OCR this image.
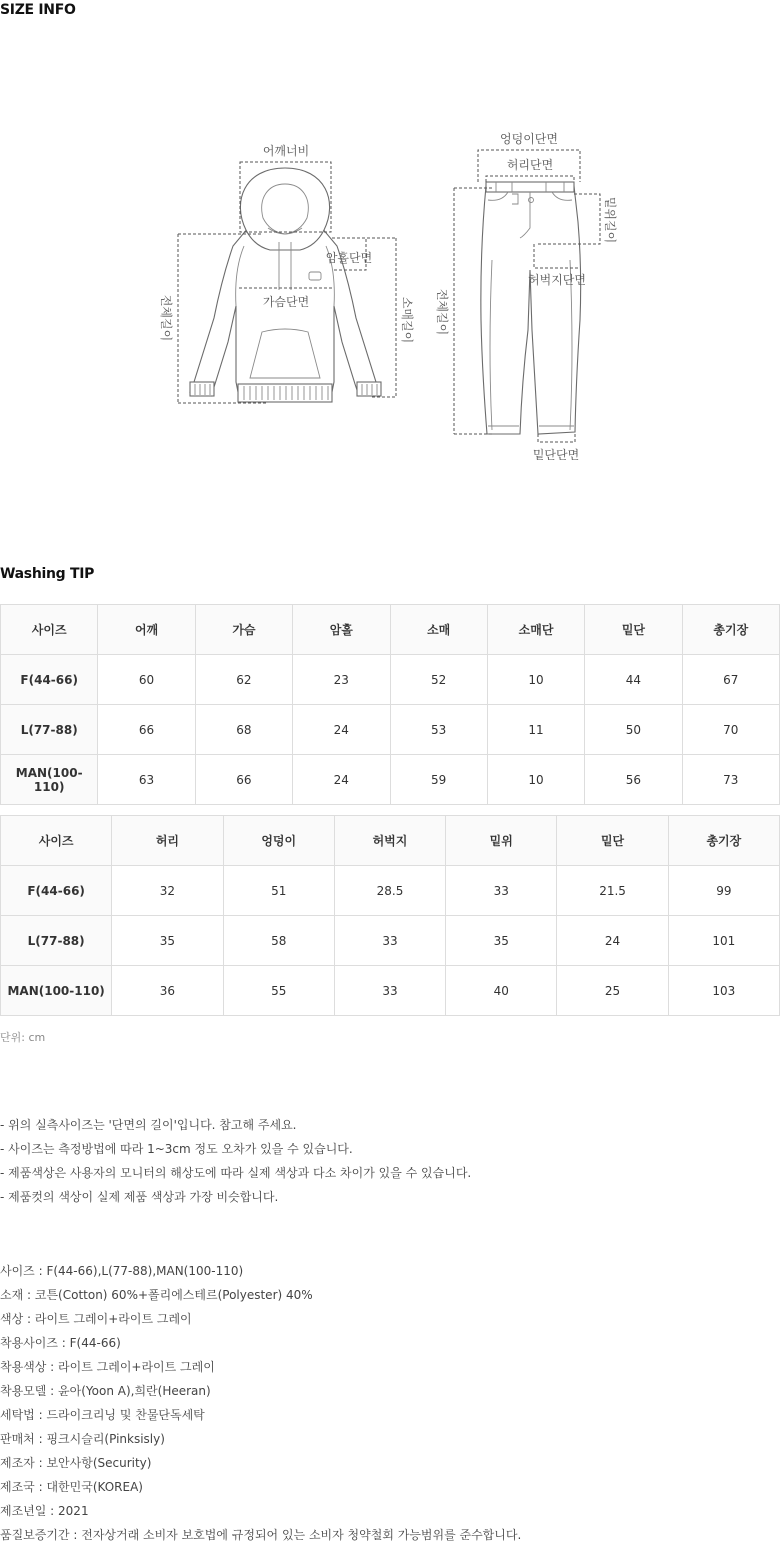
SIZE INFO
어깨너비
암홀단면
가슴단면
전체길이	소매길이
엉덩이단면
허리단면
밑위길이
허벅지단면
전체길이
밑단단면
Washing TIP
사이즈	어깨	가슴	암홀	소매	소매단	밑단	총기장
F(44-66)	60	62	23	52	10	44	67
L(77-88)	66	68	24	53	11	50	70
MAN(100-110)	63	66	24	59	10	56	73
사이즈	허리	엉덩이	허벅지	밑위	밑단	총기장
F(44-66)	32	51	28.5	33	21.5	99
L(77-88)	35	58	33	35	24	101
MAN(100-110)	36	55	33	40	25	103
단위: cm
- 위의 실측사이즈는 '단면의 길이'입니다. 참고해 주세요.
- 사이즈는 측정방법에 따라 1~3cm 정도 오차가 있을 수 있습니다.
- 제품색상은 사용자의 모니터의 해상도에 따라 실제 색상과 다소 차이가 있을 수 있습니다.
- 제품컷의 색상이 실제 제품 색상과 가장 비슷합니다.
사이즈 : F(44-66),L(77-88),MAN(100-110)
소재 : 코튼(Cotton) 60%+폴리에스테르(Polyester) 40%
색상 : 라이트 그레이+라이트 그레이
착용사이즈 : F(44-66)
착용색상 : 라이트 그레이+라이트 그레이
착용모델 : 윤아(Yoon A),희란(Heeran)
세탁법 : 드라이크리닝 및 찬물단독세탁
판매처 : 핑크시슬리(Pinksisly)
제조자 : 보안사항(Security)
제조국 : 대한민국(KOREA)
제조년일 : 2021
품질보증기간 : 전자상거래 소비자 보호법에 규정되어 있는 소비자 청약철회 가능범위를 준수합니다.
